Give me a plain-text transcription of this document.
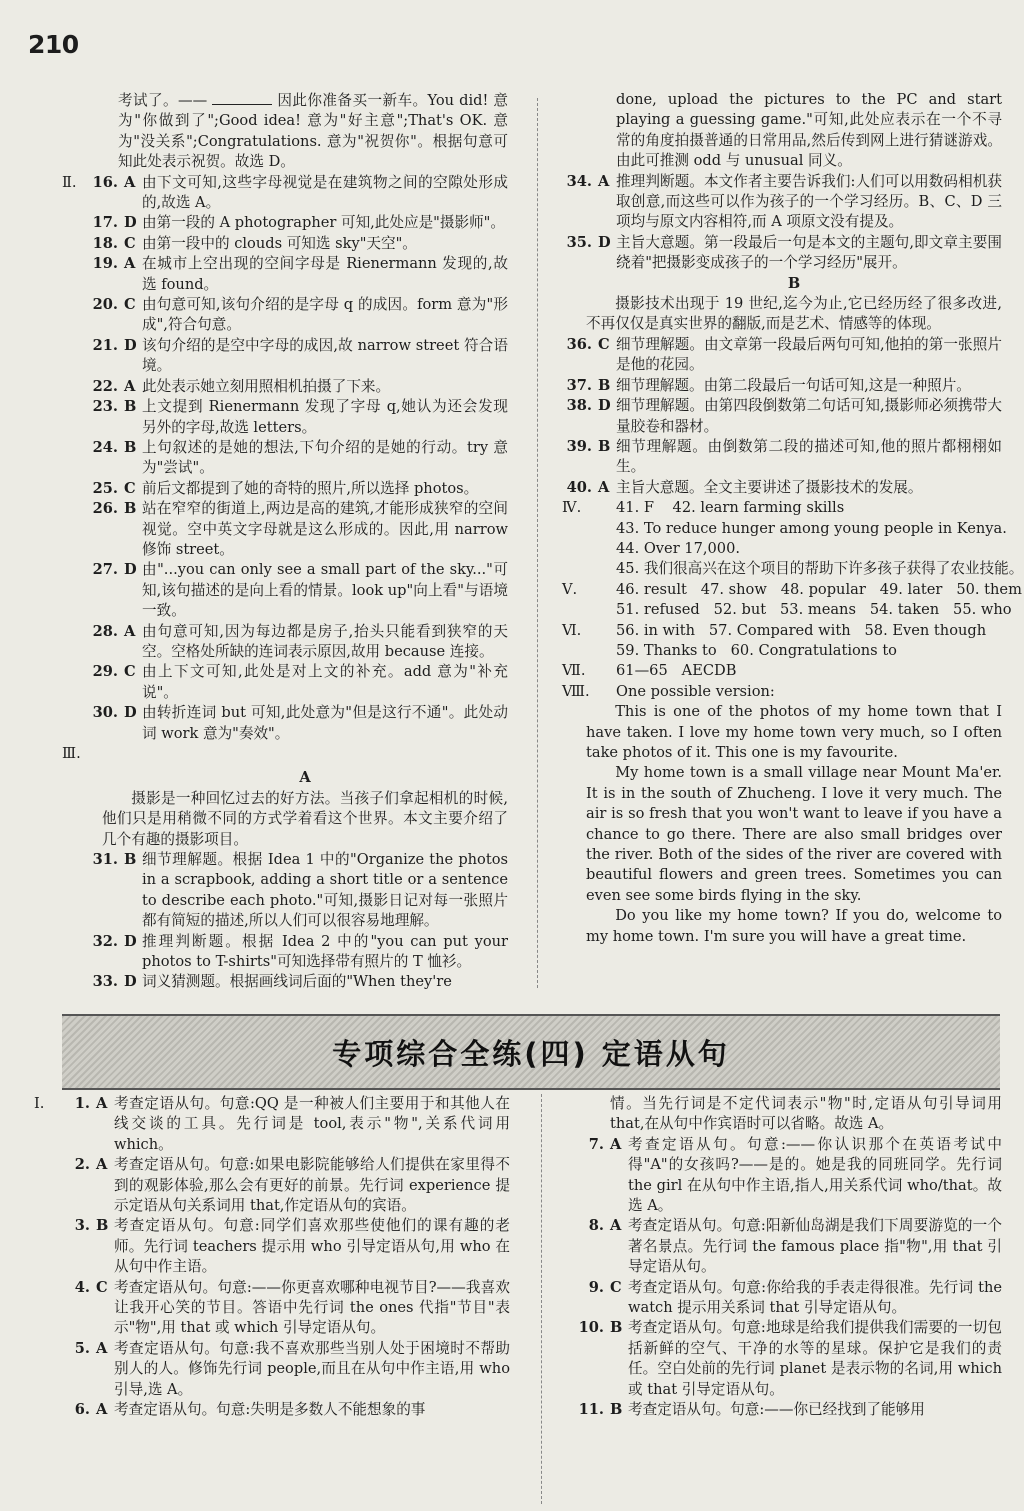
210
考试了。——	因此你准备买一新车。You did! 意为"你做到了";Good idea! 意为"好主意";That's OK. 意为"没关系";Congratulations. 意为"祝贺你"。根据句意可知此处表示祝贺。故选 D。
Ⅱ.	16. A 由下文可知,这些字母视觉是在建筑物之间的空隙处形成的,故选 A。
17. D 由第一段的 A photographer 可知,此处应是"摄影师"。
18. C 由第一段中的 clouds 可知选 sky"天空"。
19. A 在城市上空出现的空间字母是 Rienermann 发现的,故选 found。
20. C 由句意可知,该句介绍的是字母 q 的成因。form 意为"形成",符合句意。
21. D 该句介绍的是空中字母的成因,故 narrow street 符合语境。
22. A 此处表示她立刻用照相机拍摄了下来。
23. B 上文提到 Rienermann 发现了字母 q,她认为还会发现另外的字母,故选 letters。
24. B 上句叙述的是她的想法,下句介绍的是她的行动。try 意为"尝试"。
25. C 前后文都提到了她的奇特的照片,所以选择 photos。
26. B 站在窄窄的街道上,两边是高的建筑,才能形成狭窄的空间视觉。空中英文字母就是这么形成的。因此,用 narrow 修饰 street。
27. D 由"...you can only see a small part of the sky..."可知,该句描述的是向上看的情景。look up"向上看"与语境一致。
28. A 由句意可知,因为每边都是房子,抬头只能看到狭窄的天空。空格处所缺的连词表示原因,故用 because 连接。
29. C 由上下文可知,此处是对上文的补充。add 意为"补充说"。
30. D 由转折连词 but 可知,此处意为"但是这行不通"。此处动词 work 意为"奏效"。
Ⅲ.
A
摄影是一种回忆过去的好方法。当孩子们拿起相机的时候,他们只是用稍微不同的方式学着看这个世界。本文主要介绍了几个有趣的摄影项目。
31. B 细节理解题。根据 Idea 1 中的"Organize the photos in a scrapbook, adding a short title or a sentence to describe each photo."可知,摄影日记对每一张照片都有简短的描述,所以人们可以很容易地理解。
32. D 推理判断题。根据 Idea 2 中的"you can put your photos to T-shirts"可知选择带有照片的 T 恤衫。
33. D 词义猜测题。根据画线词后面的"When they're
done, upload the pictures to the PC and start playing a guessing game."可知,此处应表示在一个不寻常的角度拍摄普通的日常用品,然后传到网上进行猜谜游戏。由此可推测 odd 与 unusual 同义。
34. A 推理判断题。本文作者主要告诉我们:人们可以用数码相机获取创意,而这些可以作为孩子的一个学习经历。B、C、D 三项均与原文内容相符,而 A 项原文没有提及。
35. D 主旨大意题。第一段最后一句是本文的主题句,即文章主要围绕着"把摄影变成孩子的一个学习经历"展开。
B
摄影技术出现于 19 世纪,迄今为止,它已经历经了很多改进,不再仅仅是真实世界的翻版,而是艺术、情感等的体现。
36. C 细节理解题。由文章第一段最后两句可知,他拍的第一张照片是他的花园。
37. B 细节理解题。由第二段最后一句话可知,这是一种照片。
38. D 细节理解题。由第四段倒数第二句话可知,摄影师必须携带大量胶卷和器材。
39. B 细节理解题。由倒数第二段的描述可知,他的照片都栩栩如生。
40. A 主旨大意题。全文主要讲述了摄影技术的发展。
Ⅳ.	41. F    42. learn farming skills
43. To reduce hunger among young people in Kenya.
44. Over 17,000.
45. 我们很高兴在这个项目的帮助下许多孩子获得了农业技能。
Ⅴ.	46. result   47. show   48. popular   49. later   50. them
51. refused   52. but   53. means   54. taken   55. who
Ⅵ.	56. in with   57. Compared with   58. Even though
59. Thanks to   60. Congratulations to
Ⅶ.	61—65   AECDB
Ⅷ.	One possible version:
This is one of the photos of my home town that I have taken. I love my home town very much, so I often take photos of it. This one is my favourite.
My home town is a small village near Mount Ma'er. It is in the south of Zhucheng. I love it very much. The air is so fresh that you won't want to leave if you have a chance to go there. There are also small bridges over the river. Both of the sides of the river are covered with beautiful flowers and green trees. Sometimes you can even see some birds flying in the sky.
Do you like my home town? If you do, welcome to my home town. I'm sure you will have a great time.
专项综合全练(四) 定语从句
Ⅰ.	1. A 考查定语从句。句意:QQ 是一种被人们主要用于和其他人在线交谈的工具。先行词是 tool,表示"物",关系代词用 which。
2. A 考查定语从句。句意:如果电影院能够给人们提供在家里得不到的观影体验,那么会有更好的前景。先行词 experience 提示定语从句关系词用 that,作定语从句的宾语。
3. B 考查定语从句。句意:同学们喜欢那些使他们的课有趣的老师。先行词 teachers 提示用 who 引导定语从句,用 who 在从句中作主语。
4. C 考查定语从句。句意:——你更喜欢哪种电视节目?——我喜欢让我开心笑的节目。答语中先行词 the ones 代指"节目"表示"物",用 that 或 which 引导定语从句。
5. A 考查定语从句。句意:我不喜欢那些当别人处于困境时不帮助别人的人。修饰先行词 people,而且在从句中作主语,用 who 引导,选 A。
6. A 考查定语从句。句意:失明是多数人不能想象的事
情。当先行词是不定代词表示"物"时,定语从句引导词用 that,在从句中作宾语时可以省略。故选 A。
7. A 考查定语从句。句意:——你认识那个在英语考试中得"A"的女孩吗?——是的。她是我的同班同学。先行词 the girl 在从句中作主语,指人,用关系代词 who/that。故选 A。
8. A 考查定语从句。句意:阳新仙岛湖是我们下周要游览的一个著名景点。先行词 the famous place 指"物",用 that 引导定语从句。
9. C 考查定语从句。句意:你给我的手表走得很准。先行词 the watch 提示用关系词 that 引导定语从句。
10. B 考查定语从句。句意:地球是给我们提供我们需要的一切包括新鲜的空气、干净的水等的星球。保护它是我们的责任。空白处前的先行词 planet 是表示物的名词,用 which 或 that 引导定语从句。
11. B 考查定语从句。句意:——你已经找到了能够用
